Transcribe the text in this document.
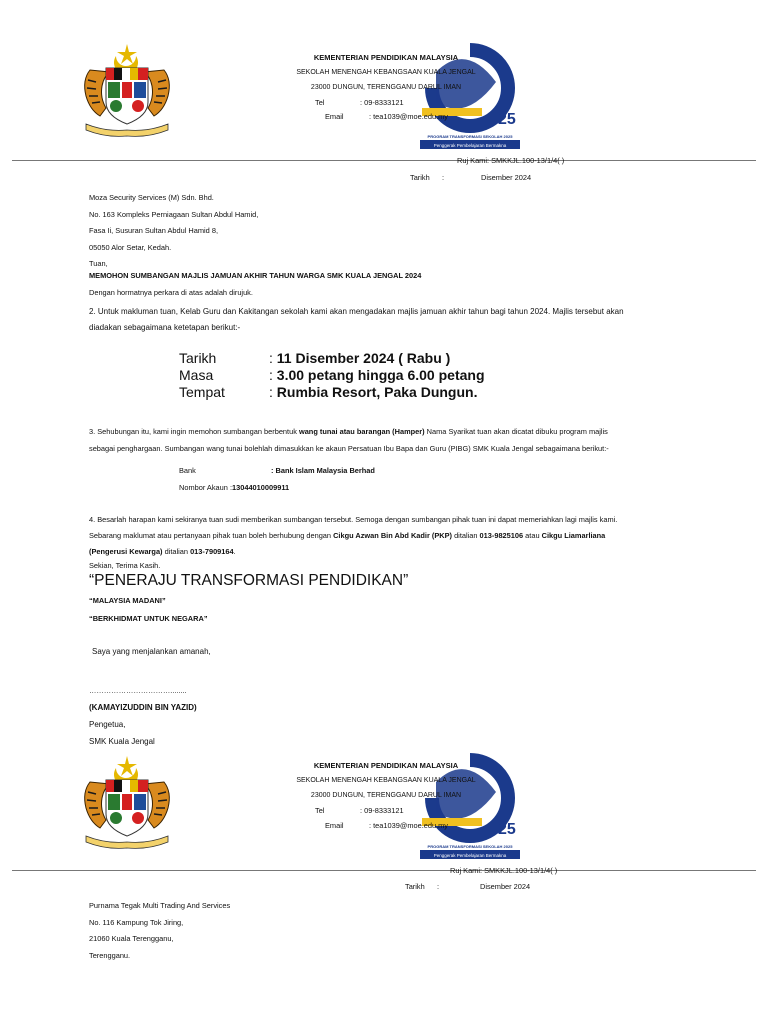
25
PROGRAM TRANSFORMASI SEKOLAH 2025
Penggerak Pembelajaran Bermakna
KEMENTERIAN PENDIDIKAN MALAYSIA
SEKOLAH MENENGAH KEBANGSAAN KUALA JENGAL
23000 DUNGUN, TERENGGANU DARUL IMAN
Tel	: 09-8333121
Email	: tea1039@moe.edu.my
Ruj Kami: SMKKJL.100-13/1/4( )
Tarikh :	Disember 2024
Moza Security Services (M) Sdn. Bhd.
No. 163 Kompleks Perniagaan Sultan Abdul Hamid,
Fasa Ii, Susuran Sultan Abdul Hamid 8,
05050 Alor Setar, Kedah.
Tuan,
MEMOHON SUMBANGAN MAJLIS JAMUAN AKHIR TAHUN WARGA SMK KUALA JENGAL 2024
Dengan hormatnya perkara di atas adalah dirujuk.
2. Untuk makluman tuan, Kelab Guru dan Kakitangan sekolah kami akan mengadakan majlis jamuan akhir tahun bagi tahun 2024. Majlis tersebut akan
diadakan sebagaimana ketetapan berikut:-
Tarikh	: 11 Disember 2024 ( Rabu )
Masa	: 3.00 petang hingga 6.00 petang
Tempat	: Rumbia Resort, Paka Dungun.
3. Sehubungan itu, kami ingin memohon sumbangan berbentuk wang tunai atau barangan (Hamper) Nama Syarikat tuan akan dicatat dibuku program majlis
sebagai penghargaan. Sumbangan wang tunai bolehlah dimasukkan ke akaun Persatuan Ibu Bapa dan Guru (PIBG) SMK Kuala Jengal sebagaimana berikut:-
Bank	: Bank Islam Malaysia Berhad
Nombor Akaun :13044010009911
4. Besarlah harapan kami sekiranya tuan sudi memberikan sumbangan tersebut. Semoga dengan sumbangan pihak tuan ini dapat memeriahkan lagi majlis kami.
Sebarang maklumat atau pertanyaan pihak tuan boleh berhubung dengan Cikgu Azwan Bin Abd Kadir (PKP) ditalian 013-9825106 atau Cikgu Liamarliana
(Pengerusi Kewarga) ditalian 013-7909164.
Sekian, Terima Kasih.
“PENERAJU TRANSFORMASI PENDIDIKAN”
“MALAYSIA MADANI”
“BERKHIDMAT UNTUK NEGARA”
Saya yang menjalankan amanah,
……………………………........
(KAMAYIZUDDIN BIN YAZID)
Pengetua,
SMK Kuala Jengal
25
PROGRAM TRANSFORMASI SEKOLAH 2025
Penggerak Pembelajaran Bermakna
KEMENTERIAN PENDIDIKAN MALAYSIA
SEKOLAH MENENGAH KEBANGSAAN KUALA JENGAL
23000 DUNGUN, TERENGGANU DARUL IMAN
Tel	: 09-8333121
Email	: tea1039@moe.edu.my
Ruj Kami: SMKKJL.100-13/1/4( )
Tarikh :	Disember 2024
Purnama Tegak Multi Trading And Services
No. 116 Kampung Tok Jiring,
21060 Kuala Terengganu,
Terengganu.
